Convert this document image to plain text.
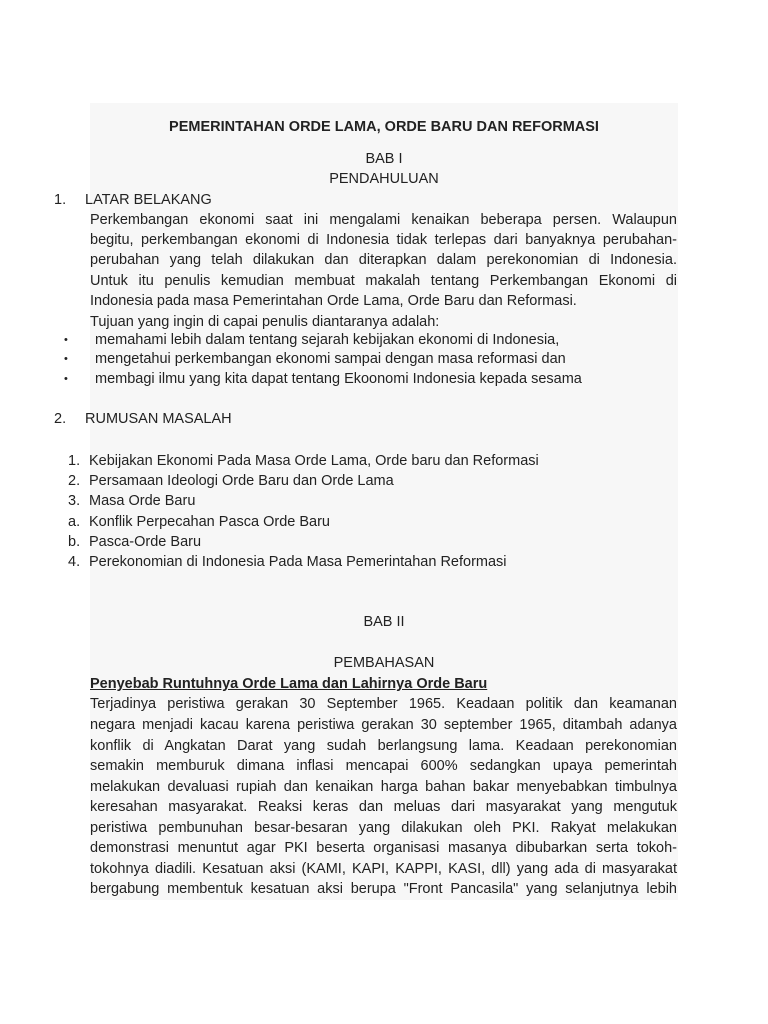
PEMERINTAHAN ORDE LAMA, ORDE BARU DAN REFORMASI
BAB I
PENDAHULUAN
1. LATAR BELAKANG
Perkembangan ekonomi saat ini mengalami kenaikan beberapa persen. Walaupun
begitu, perkembangan ekonomi di Indonesia tidak terlepas dari banyaknya perubahan-
perubahan yang telah dilakukan dan diterapkan dalam perekonomian di Indonesia.
Untuk itu penulis kemudian membuat makalah tentang Perkembangan Ekonomi di
Indonesia pada masa Pemerintahan Orde Lama, Orde Baru dan Reformasi.
Tujuan yang ingin di capai penulis diantaranya adalah:
• memahami lebih dalam tentang sejarah kebijakan ekonomi di Indonesia,
• mengetahui perkembangan ekonomi sampai dengan masa reformasi dan
• membagi ilmu yang kita dapat tentang Ekoonomi Indonesia kepada sesama
2. RUMUSAN MASALAH
1. Kebijakan Ekonomi Pada Masa Orde Lama, Orde baru dan Reformasi
2. Persamaan Ideologi Orde Baru dan Orde Lama
3. Masa Orde Baru
a. Konflik Perpecahan Pasca Orde Baru
b. Pasca-Orde Baru
4. Perekonomian di Indonesia Pada Masa Pemerintahan Reformasi
BAB II
PEMBAHASAN
Penyebab Runtuhnya Orde Lama dan Lahirnya Orde Baru
Terjadinya peristiwa gerakan 30 September 1965. Keadaan politik dan keamanan
negara menjadi kacau karena peristiwa gerakan 30 september 1965, ditambah adanya
konflik di Angkatan Darat yang sudah berlangsung lama. Keadaan perekonomian
semakin memburuk dimana inflasi mencapai 600% sedangkan upaya pemerintah
melakukan devaluasi rupiah dan kenaikan harga bahan bakar menyebabkan timbulnya
keresahan masyarakat. Reaksi keras dan meluas dari masyarakat yang mengutuk
peristiwa pembunuhan besar-besaran yang dilakukan oleh PKI. Rakyat melakukan
demonstrasi menuntut agar PKI beserta organisasi masanya dibubarkan serta tokoh-
tokohnya diadili. Kesatuan aksi (KAMI, KAPI, KAPPI, KASI, dll) yang ada di masyarakat
bergabung membentuk kesatuan aksi berupa "Front Pancasila" yang selanjutnya lebih
